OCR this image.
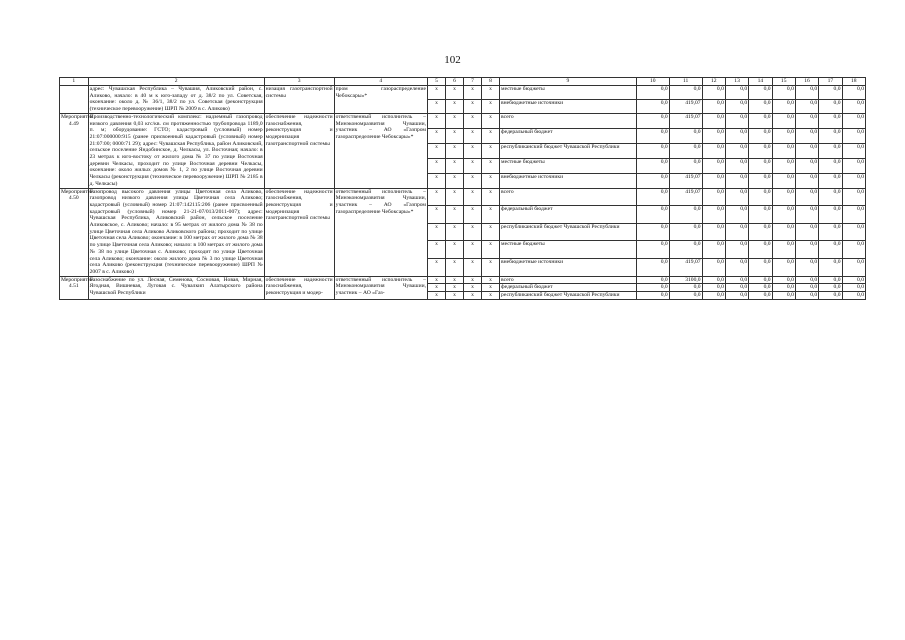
102
1	2	3	4	5	6	7	8	9	10	11	12	13	14	15	16	17	18
	адрес: Чувашская Республика – Чувашия, Аликовский район, с. Аликово, начало: в 40 м к юго-западу от д. 38/2 по ул. Советская, окончание: около д. № 36/1, 38/2 по ул. Советская (реконструкция (техническое перевооружение) ШРП № 2009 в с. Аликово)	низация газотранспортной системы	пром газораспределение Чебоксары»*	x	x	x	x	местные бюджеты	0,0	0,0	0,0	0,0	0,0	0,0	0,0	0,0	0,0
				x	x	x	x	внебюджетные источники	0,0	419,07	0,0	0,0	0,0	0,0	0,0	0,0	0,0
Мероприятие 4.49	Производственно-технологический комплекс: надземный газопровод низкого давления 0,03 кгс/кв. см протяженностью трубопровода 1189,0 п. м; оборудование: ГСТО; кадастровый (условный) номер 21:07:000000:915 (ранее присвоенный кадастровый (условный) номер 21:07:00; 0000:71 29); адрес: Чувашская Республика, район Аликовский, сельское поселение Яндобинское, д. Челкасы, ул. Восточная; начало: в 23 метрах к юго-востоку от жилого дома № 37 по улице Восточная деревни Челкасы, проходит по улице Восточная деревни Челкасы, окончание: около жилых домов № 1, 2 по улице Восточная деревни Челкасы (реконструкция (техническое перевооружение) ШРП № 2185 в д. Челкасы)	обеспечение надежности газоснабжения, реконструкция и модернизация газотранспортной системы	ответственный исполнитель – Минэкономразвития Чувашии, участник – АО «Газпром газораспределение Чебоксары»*	x	x	x	x	всего	0,0	419,07	0,0	0,0	0,0	0,0	0,0	0,0	0,0
				x	x	x	x	федеральный бюджет	0,0	0,0	0,0	0,0	0,0	0,0	0,0	0,0	0,0
				x	x	x	x	республиканский бюджет Чувашской Республики	0,0	0,0	0,0	0,0	0,0	0,0	0,0	0,0	0,0
				x	x	x	x	местные бюджеты	0,0	0,0	0,0	0,0	0,0	0,0	0,0	0,0	0,0
				x	x	x	x	внебюджетные источники	0,0	419,07	0,0	0,0	0,0	0,0	0,0	0,0	0,0
Мероприятие 4.50	Газопровод высокого давления улицы Цветочная села Аликово, газопровод низкого давления улицы Цветочная села Аликово; кадастровый (условный) номер 21:07:142115:206 (ранее присвоенный кадастровый (условный) номер 21-21-07/013/2011-007); адрес: Чувашская Республика, Аликовский район, сельское поселение Аликовское, с. Аликово; начало: в 95 метрах от жилого дома № 38 по улице Цветочная села Аликово Аликовского района; проходит по улице Цветочная села Аликово; окончание: в 100 метрах от жилого дома № 38 по улице Цветочная села Аликово; начало: в 100 метрах от жилого дома № 38 по улице Цветочная с. Аликово; проходит по улице Цветочная села Аликово; окончание: около жилого дома № 3 по улице Цветочная села Аликово (реконструкция (техническое перевооружение) ШРП № 2007 в с. Аликово)	обеспечение надежности газоснабжения, реконструкция и модернизация газотранспортной системы	ответственный исполнитель – Минэкономразвития Чувашии, участник – АО «Газпром газораспределение Чебоксары»*	x	x	x	x	всего	0,0	419,07	0,0	0,0	0,0	0,0	0,0	0,0	0,0
				x	x	x	x	федеральный бюджет	0,0	0,0	0,0	0,0	0,0	0,0	0,0	0,0	0,0
				x	x	x	x	республиканский бюджет Чувашской Республики	0,0	0,0	0,0	0,0	0,0	0,0	0,0	0,0	0,0
				x	x	x	x	местные бюджеты	0,0	0,0	0,0	0,0	0,0	0,0	0,0	0,0	0,0
				x	x	x	x	внебюджетные источники	0,0	419,07	0,0	0,0	0,0	0,0	0,0	0,0	0,0
Мероприятие 4.51	Газоснабжение по ул. Лесная, Семенова, Сосновая, Новая, Мирная, Ягодная, Вишневая, Луговая с. Чувалкип Алатырского района Чувашской Республики	обеспечение надежности газоснабжения, реконструкция и модер-	ответственный исполнитель – Минэкономразвития Чувашии, участник – АО «Газ-	x	x	x	x	всего	0,0	3100,0	0,0	0,0	0,0	0,0	0,0	0,0	0,0
				x	x	x	x	федеральный бюджет	0,0	0,0	0,0	0,0	0,0	0,0	0,0	0,0	0,0
				x	x	x	x	республиканский бюджет Чувашской Республики	0,0	0,0	0,0	0,0	0,0	0,0	0,0	0,0	0,0
